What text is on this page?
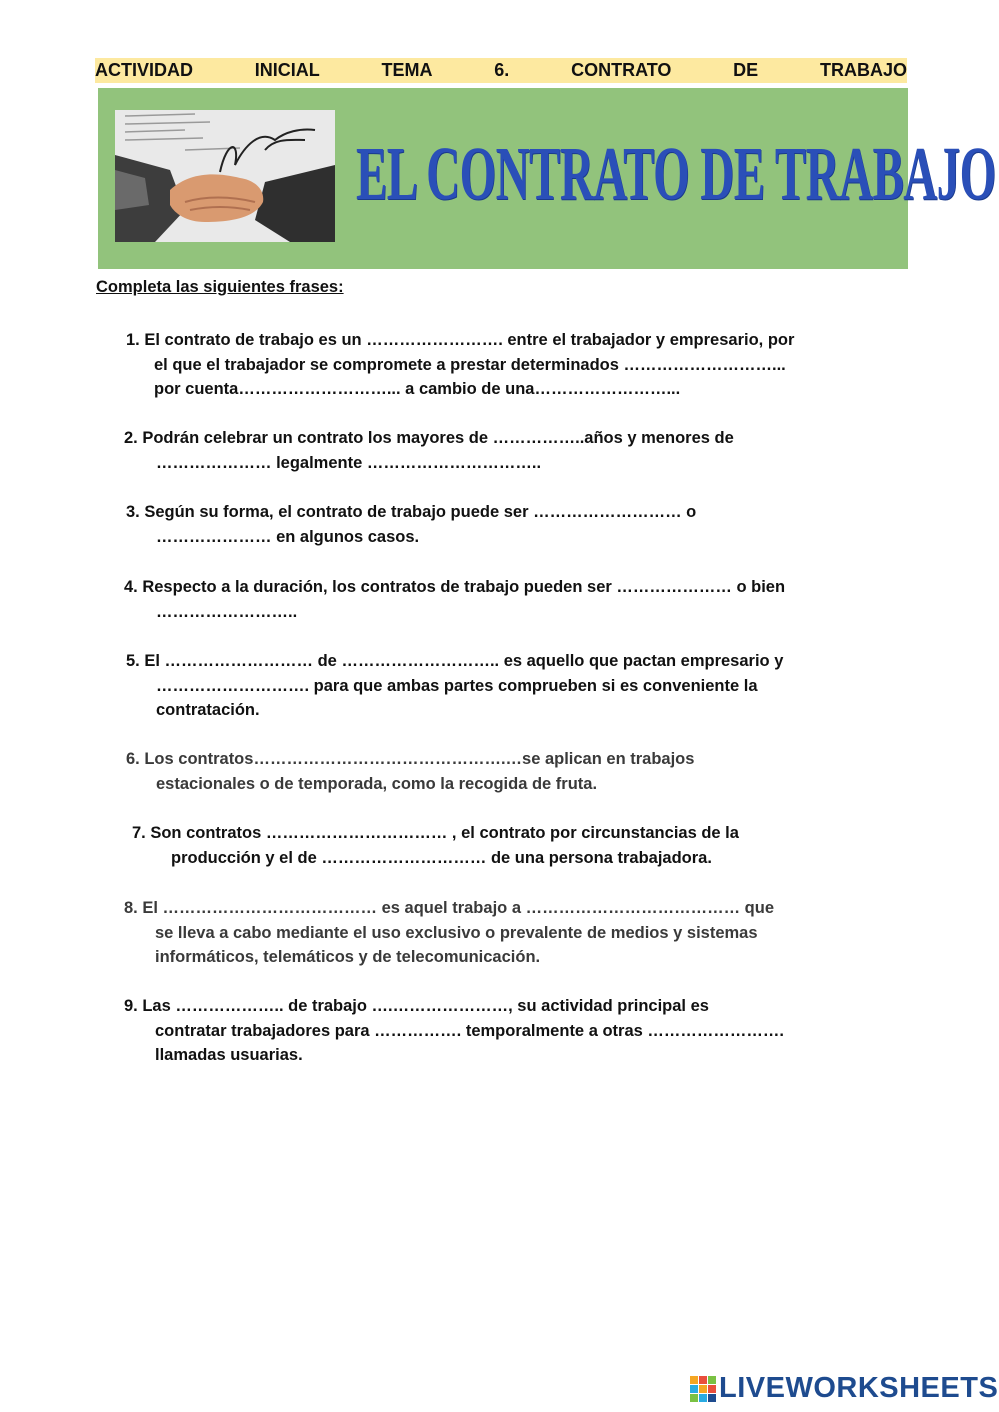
ACTIVIDAD	INICIAL	TEMA	6.	CONTRATO	DE	TRABAJO
EL CONTRATO DE TRABAJO
Completa las siguientes frases:
1. El contrato de trabajo es un ……………………. entre el trabajador y empresario, por
el que el trabajador se compromete a prestar determinados ………………………...
por cuenta………………………... a cambio de una……………………...
2. Podrán celebrar un contrato los mayores de ……………..años y menores de
………………… legalmente …………………………..
3. Según su forma, el contrato de trabajo puede ser ……………………… o
………………… en algunos casos.
4. Respecto a la duración, los contratos de trabajo pueden ser ………………… o bien
……………………..
5. El ……………………… de ……………………….. es aquello que pactan empresario y
………………………. para que ambas partes comprueben si es conveniente la
contratación.
6. Los contratos……………………………………….…se aplican en trabajos
estacionales o de temporada, como la recogida de fruta.
7. Son contratos …………………………… , el contrato por circunstancias de la
producción y el de ………………………… de una persona trabajadora.
8. El ………………………………… es aquel trabajo a ………………………………… que
se lleva a cabo mediante el uso exclusivo o prevalente de medios y sistemas
informáticos, telemáticos y de telecomunicación.
9. Las ……………….. de trabajo ….…………………, su actividad principal es
contratar trabajadores para ……………. temporalmente a otras …………………….
llamadas usuarias.
LIVEWORKSHEETS
